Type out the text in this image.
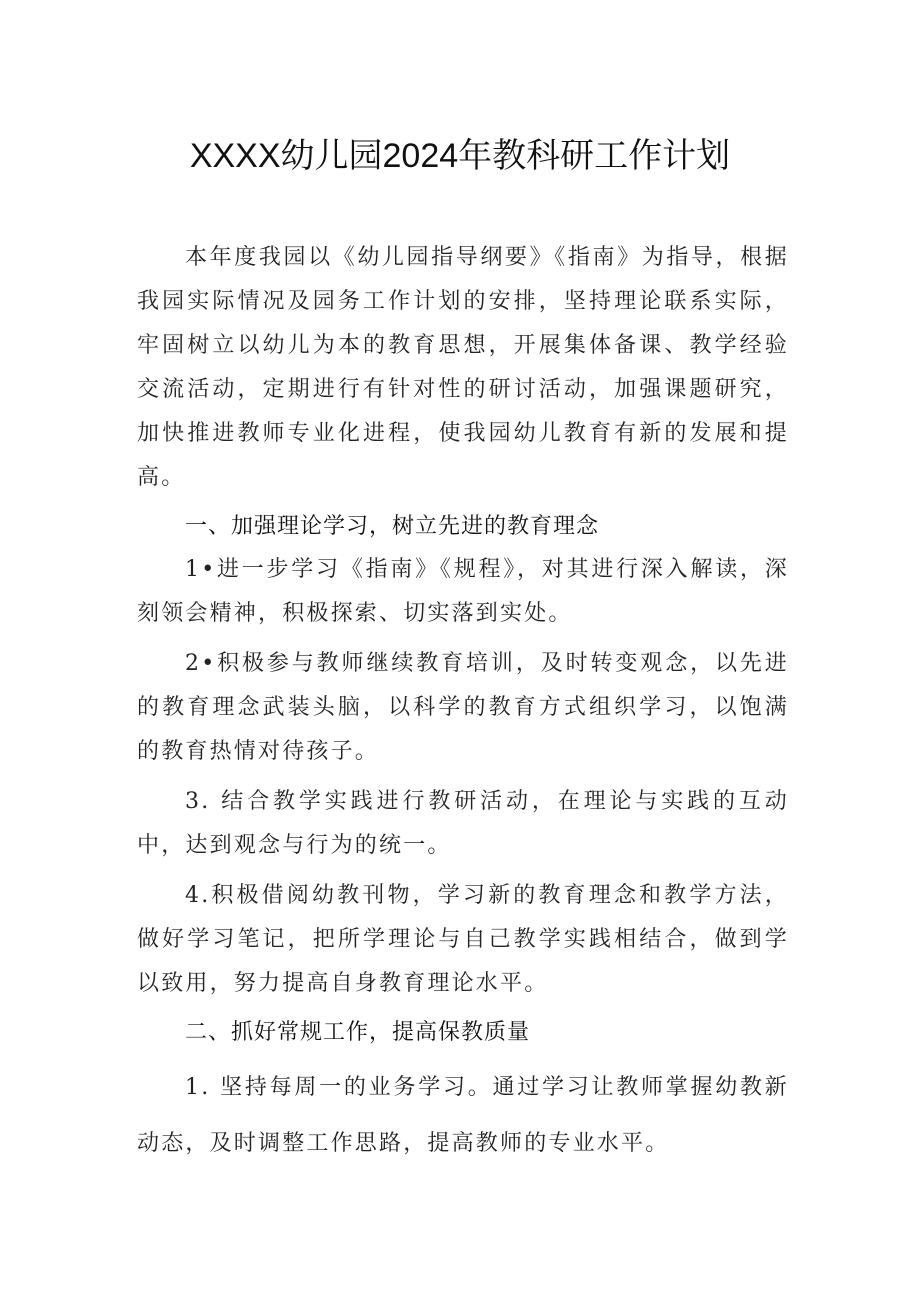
XXXX幼儿园2024年教科研工作计划

本年度我园以《幼儿园指导纲要》《指南》为指导，根据我园实际情况及园务工作计划的安排，坚持理论联系实际，牢固树立以幼儿为本的教育思想，开展集体备课、教学经验交流活动，定期进行有针对性的研讨活动，加强课题研究，加快推进教师专业化进程，使我园幼儿教育有新的发展和提高。

一、加强理论学习，树立先进的教育理念

1•进一步学习《指南》《规程》，对其进行深入解读，深刻领会精神，积极探索、切实落到实处。

2•积极参与教师继续教育培训，及时转变观念，以先进的教育理念武装头脑，以科学的教育方式组织学习，以饱满的教育热情对待孩子。

3. 结合教学实践进行教研活动，在理论与实践的互动中，达到观念与行为的统一。

4.积极借阅幼教刊物，学习新的教育理念和教学方法，做好学习笔记，把所学理论与自己教学实践相结合，做到学以致用，努力提高自身教育理论水平。

二、抓好常规工作，提高保教质量

1. 坚持每周一的业务学习。通过学习让教师掌握幼教新动态，及时调整工作思路，提高教师的专业水平。
